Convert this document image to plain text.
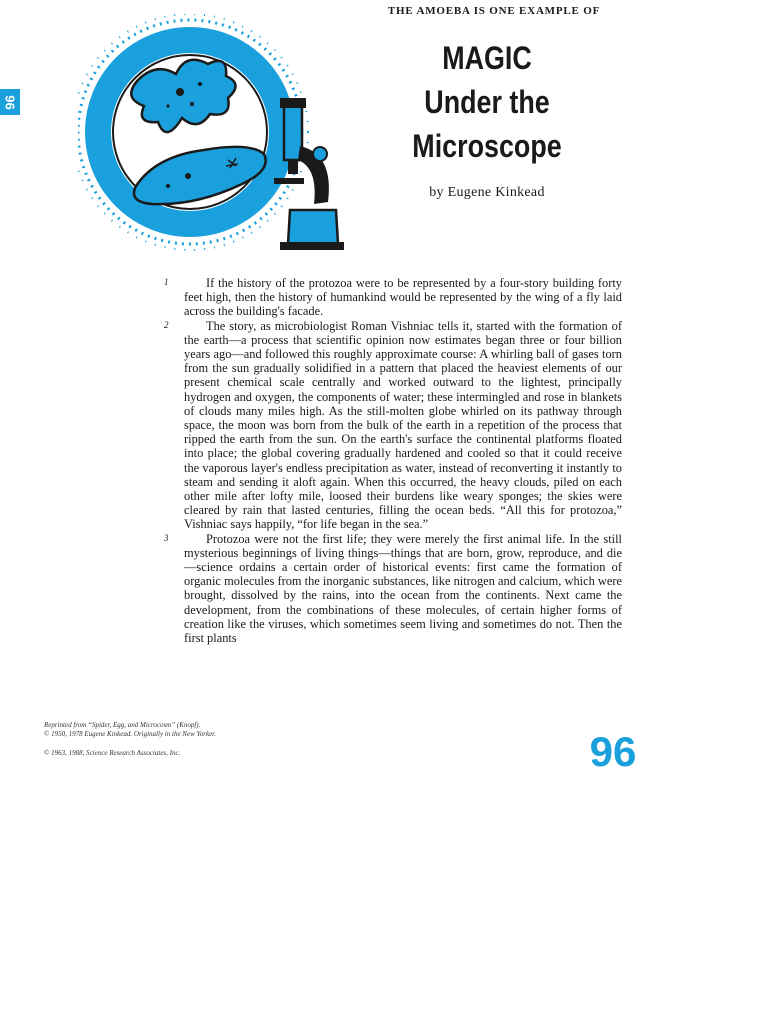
96
THE AMOEBA IS ONE EXAMPLE OF
MAGIC
Under the
Microscope
by Eugene Kinkead
1	If the history of the protozoa were to be represented by a four-story building forty feet high, then the history of humankind would be represented by the wing of a fly laid across the building's facade.

2	The story, as microbiologist Roman Vishniac tells it, started with the formation of the earth—a process that scientific opinion now estimates began three or four billion years ago—and followed this roughly approximate course: A whirling ball of gases torn from the sun gradually solidified in a pattern that placed the heaviest elements of our present chemical scale centrally and worked outward to the lightest, principally hydrogen and oxygen, the components of water; these intermingled and rose in blankets of clouds many miles high. As the still-molten globe whirled on its pathway through space, the moon was born from the bulk of the earth in a repetition of the process that ripped the earth from the sun. On the earth's surface the continental platforms floated into place; the global covering gradually hardened and cooled so that it could receive the vaporous layer's endless precipitation as water, instead of reconverting it instantly to steam and sending it aloft again. When this occurred, the heavy clouds, piled on each other mile after lofty mile, loosed their burdens like weary sponges; the skies were cleared by rain that lasted centuries, filling the ocean beds. “All this for protozoa,” Vishniac says happily, “for life began in the sea.”

3	Protozoa were not the first life; they were merely the first animal life. In the still mysterious beginnings of living things—things that are born, grow, reproduce, and die—science ordains a certain order of historical events: first came the formation of organic molecules from the inorganic substances, like nitrogen and calcium, which were brought, dissolved by the rains, into the ocean from the continents. Next came the development, from the combinations of these molecules, of certain higher forms of creation like the viruses, which sometimes seem living and sometimes do not. Then the first plants

Reprinted from “Spider, Egg, and Microcosm” (Knopf).
© 1950, 1978 Eugene Kinkead. Originally in the New Yorker.
© 1963, 1988, Science Research Associates, Inc.	96
